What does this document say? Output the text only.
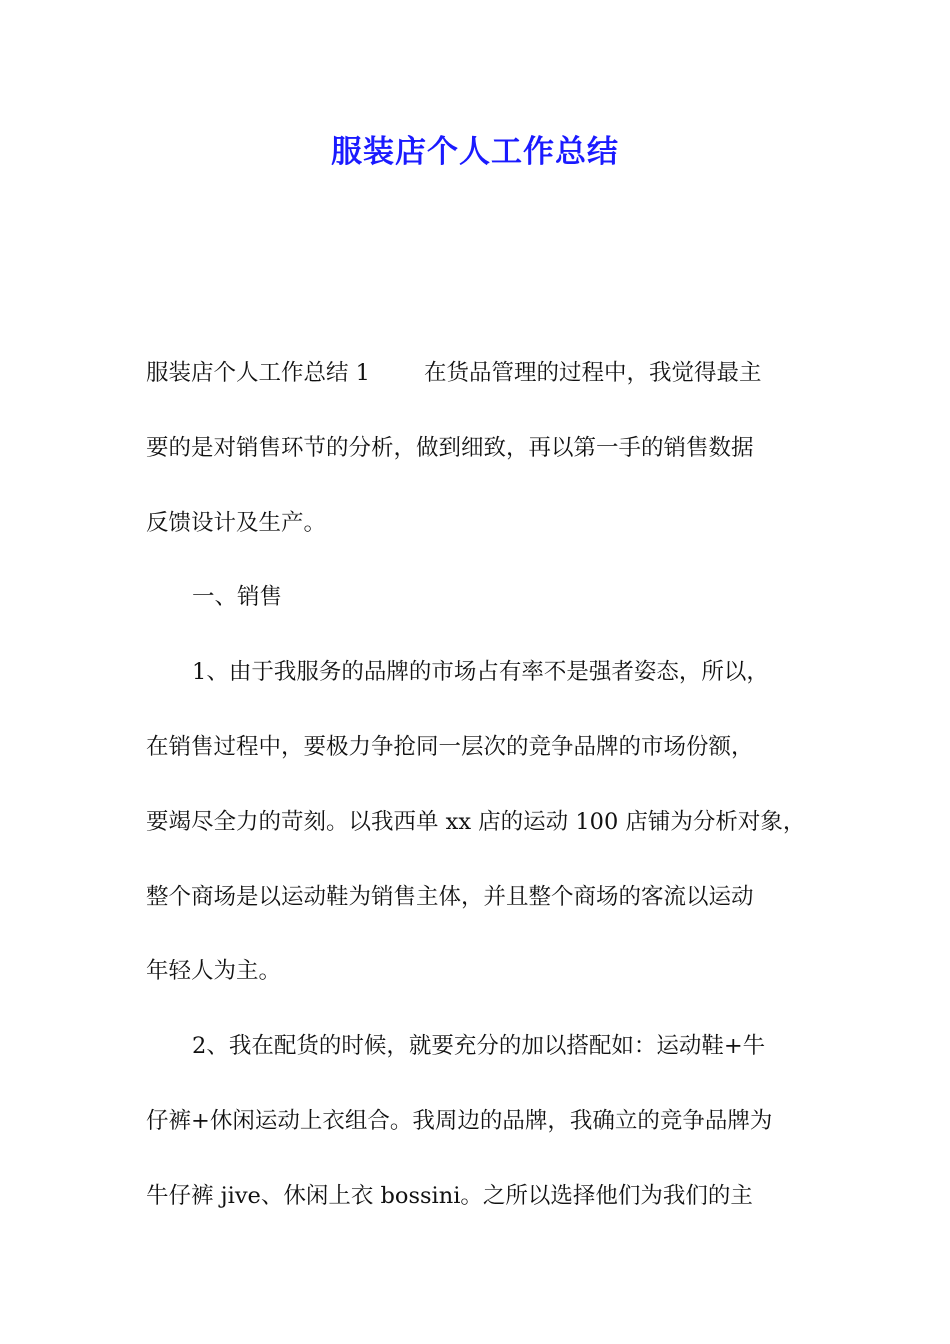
服装店个人工作总结

服装店个人工作总结 1 在货品管理的过程中，我觉得最主

要的是对销售环节的分析，做到细致，再以第一手的销售数据

反馈设计及生产。

一、销售

1、由于我服务的品牌的市场占有率不是强者姿态，所以，

在销售过程中，要极力争抢同一层次的竞争品牌的市场份额，

要竭尽全力的苛刻。以我西单 xx 店的运动 100 店铺为分析对象，

整个商场是以运动鞋为销售主体，并且整个商场的客流以运动

年轻人为主。

2、我在配货的时候，就要充分的加以搭配如：运动鞋+牛

仔裤+休闲运动上衣组合。我周边的品牌，我确立的竞争品牌为

牛仔裤 jive、休闲上衣 bossini。之所以选择他们为我们的主
